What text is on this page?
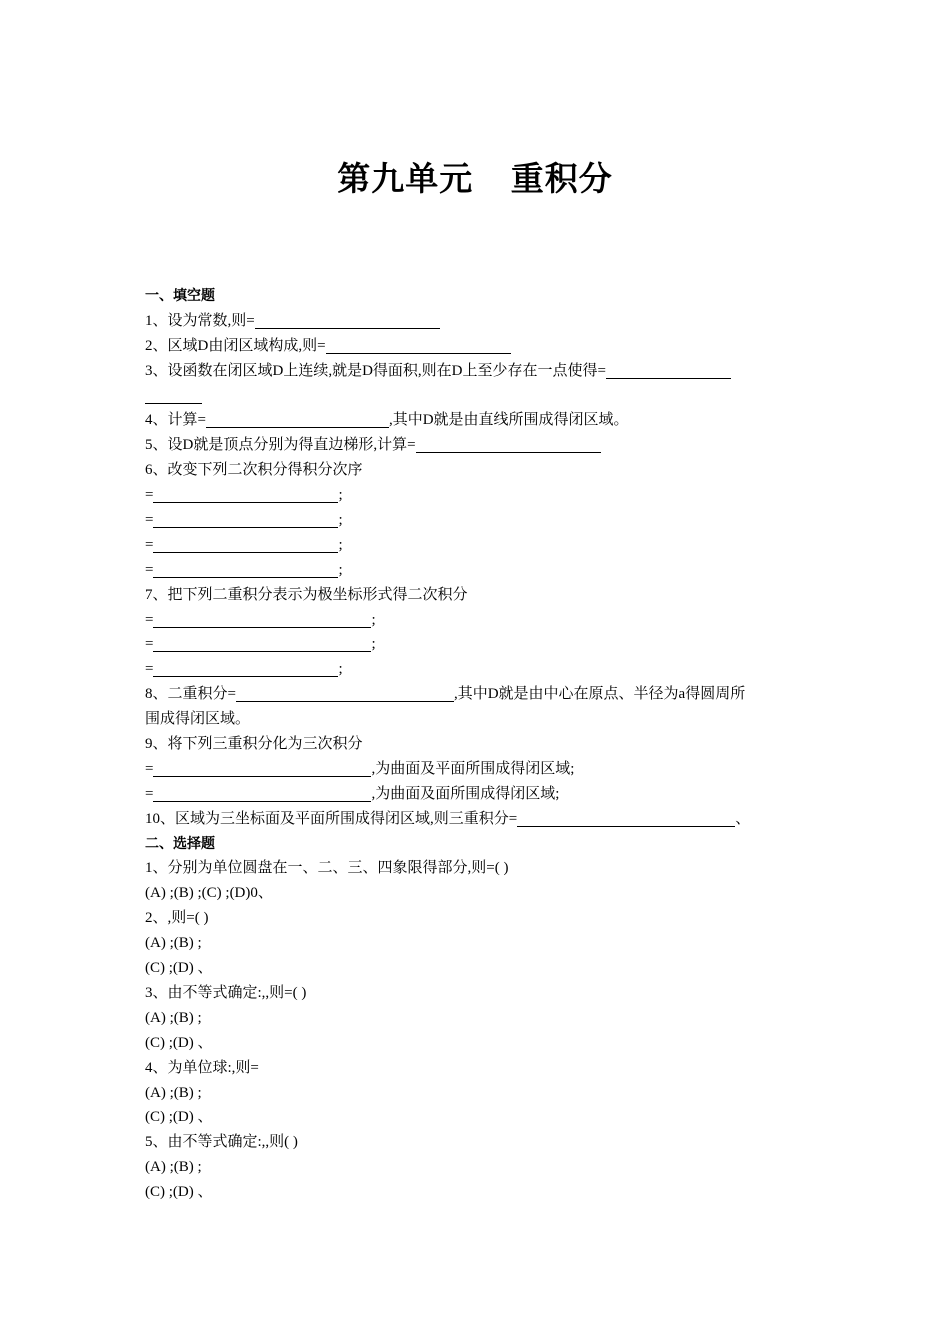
第九单元   重积分
一、填空题
1、设为常数,则=
2、区域D由闭区域构成,则=
3、设函数在闭区域D上连续,就是D得面积,则在D上至少存在一点使得=
4、计算=	,其中D就是由直线所围成得闭区域。
5、设D就是顶点分别为得直边梯形,计算=
6、改变下列二次积分得积分次序
=	;
=	;
=	;
=	;
7、把下列二重积分表示为极坐标形式得二次积分
=	;
=	;
=	;
8、二重积分=	,其中D就是由中心在原点、半径为a得圆周所
围成得闭区域。
9、将下列三重积分化为三次积分
=	,为曲面及平面所围成得闭区域;
=	,为曲面及面所围成得闭区域;
10、区域为三坐标面及平面所围成得闭区域,则三重积分=	、
二、选择题
1、分别为单位圆盘在一、二、三、四象限得部分,则=( )
(A) ;(B) ;(C) ;(D)0、
2、,则=( )
(A) ;(B) ;
(C) ;(D) 、
3、由不等式确定:,,则=( )
(A) ;(B) ;
(C) ;(D) 、
4、为单位球:,则=
(A) ;(B) ;
(C) ;(D) 、
5、由不等式确定:,,则( )
(A) ;(B) ;
(C) ;(D) 、
